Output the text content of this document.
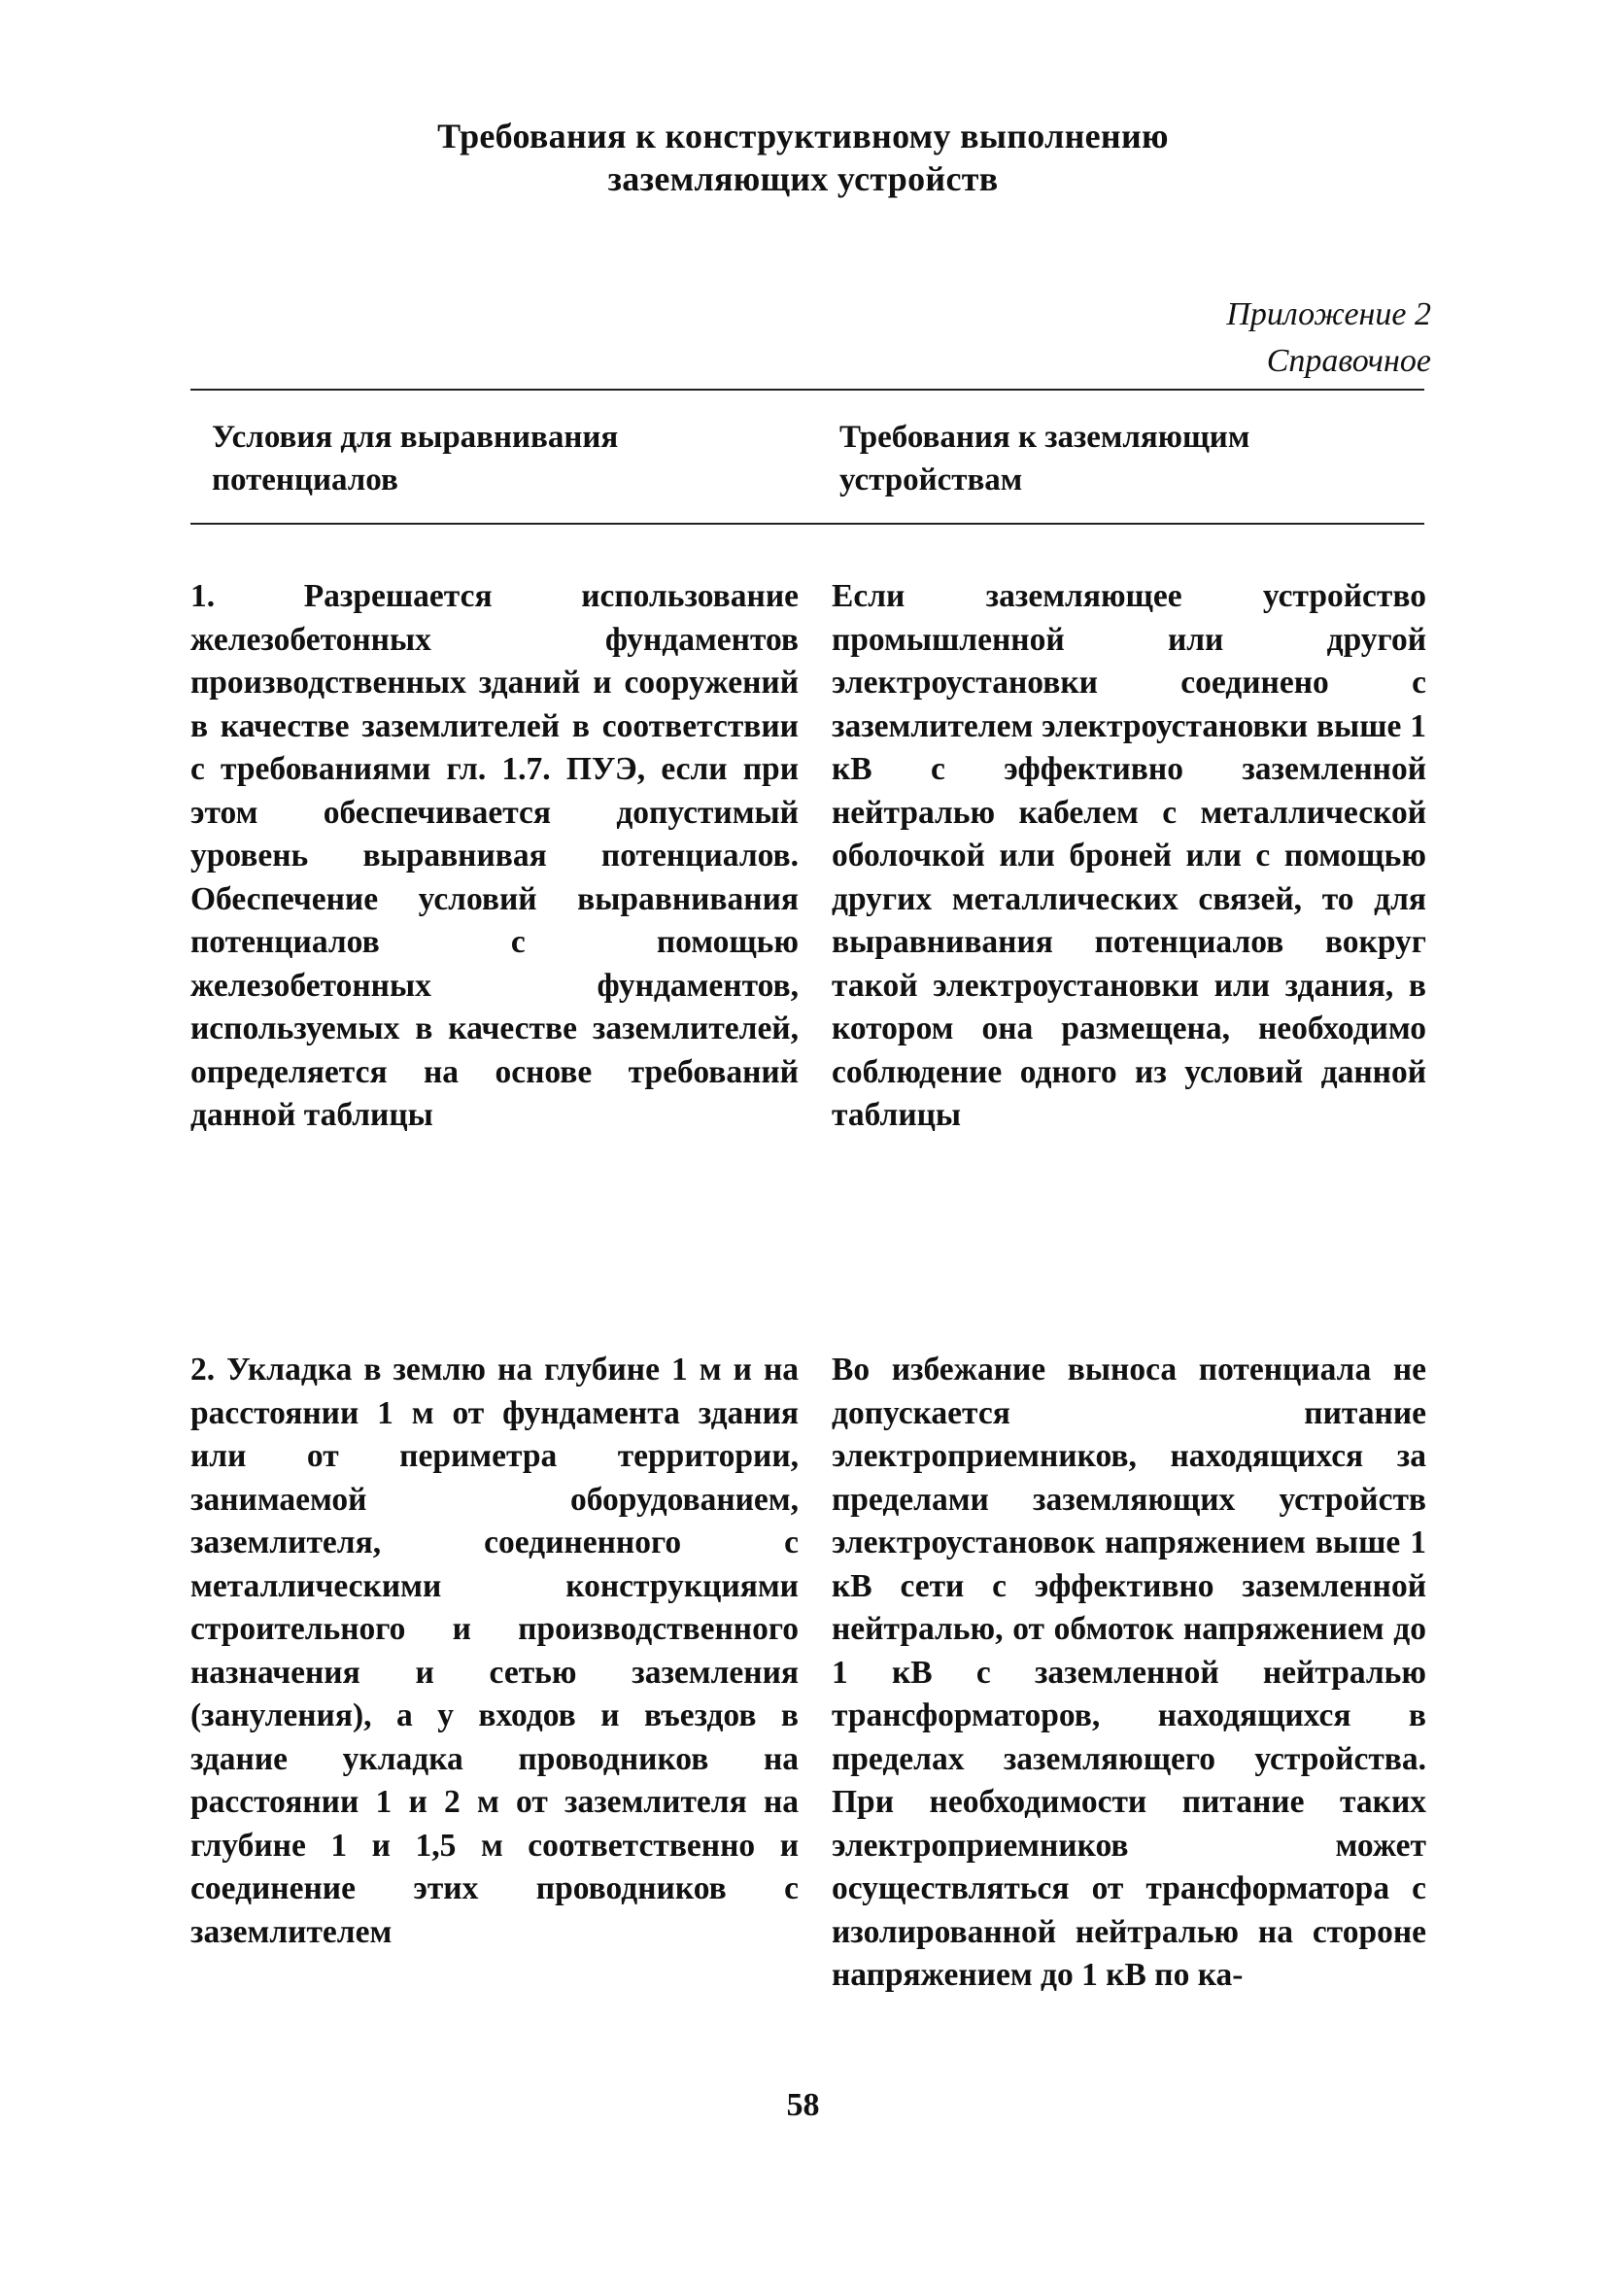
Требования к конструктивному выполнению
заземляющих устройств
Приложение 2
Справочное
Условия для выравнивания потенциалов
Требования к заземляющим устройствам
1. Разрешается использование железобетонных фундаментов производственных зданий и сооружений в качестве заземлителей в соответствии с требованиями гл. 1.7. ПУЭ, если при этом обеспечивается допустимый уровень выравнивая потенциалов. Обеспечение условий выравнивания потенциалов с помощью железобетонных фундаментов, используемых в качестве заземлителей, определяется на основе требований данной таблицы
Если заземляющее устройство промышленной или другой электроустановки соединено с заземлителем электроустановки выше 1 кВ с эффективно заземленной нейтралью кабелем с металлической оболочкой или броней или с помощью других металлических связей, то для выравнивания потенциалов вокруг такой электроустановки или здания, в котором она размещена, необходимо соблюдение одного из условий данной таблицы
2. Укладка в землю на глубине 1 м и на расстоянии 1 м от фундамента здания или от периметра территории, занимаемой оборудованием, заземлителя, соединенного с металлическими конструкциями строительного и производственного назначения и сетью заземления (зануления), а у входов и въездов в здание укладка проводников на расстоянии 1 и 2 м от заземлителя на глубине 1 и 1,5 м соответственно и соединение этих проводников с заземлителем
Во избежание выноса потенциала не допускается питание электроприемников, находящихся за пределами заземляющих устройств электроустановок напряжением выше 1 кВ сети с эффективно заземленной нейтралью, от обмоток напряжением до 1 кВ с заземленной нейтралью трансформаторов, находящихся в пределах заземляющего устройства. При необходимости питание таких электроприемников может осуществляться от трансформатора с изолированной нейтралью на стороне напряжением до 1 кВ по ка-
58
